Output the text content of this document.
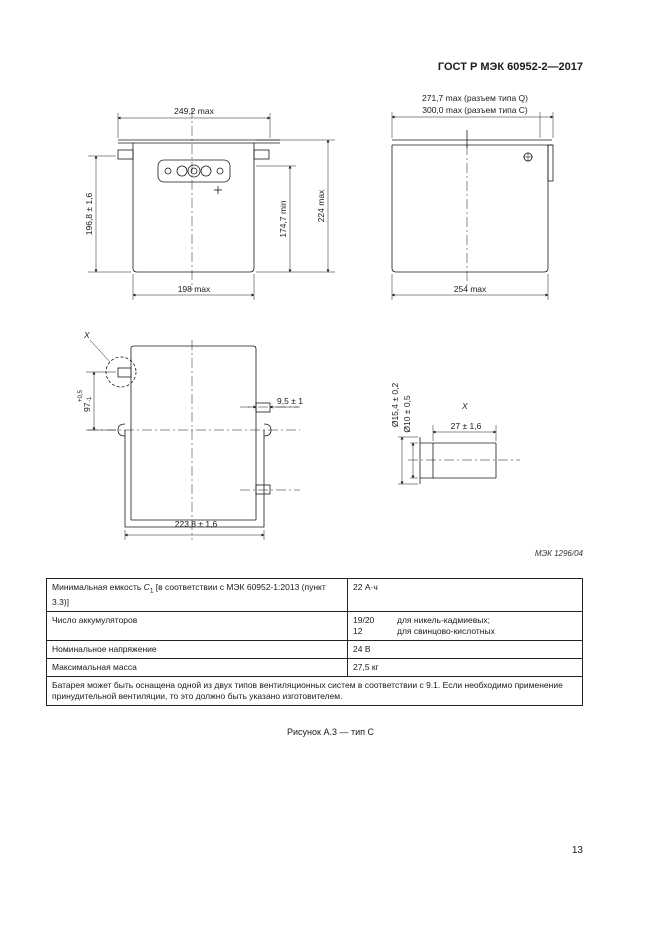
ГОСТ Р МЭК 60952-2—2017
249,2 max
198 max
196,8 ± 1,6	174,7 min	224 max
271,7 max (разъем типа Q)
300,0 max (разъем типа C)
254 max
X
97
+0,5 -1	9,5 ± 1
223,8 ± 1,6
X
Ø15,4 ± 0,2 Ø10 ± 0,5	27 ± 1,6
МЭК 1296/04
Минимальная емкость $C_1$ [в соответствии с МЭК 60952-1:2013 (пункт 3.3)]	22 А·ч
Число аккумуляторов	19/20 для никель-кадмиевых;
12 для свинцово-кислотных

Номинальное напряжение	24 В
Максимальная масса	27,5 кг
Батарея может быть оснащена одной из двух типов вентиляционных систем в соответствии с 9.1. Если необходимо применение принудительной вентиляции, то это должно быть указано изготовителем.	
Рисунок А.3 — тип C
13
